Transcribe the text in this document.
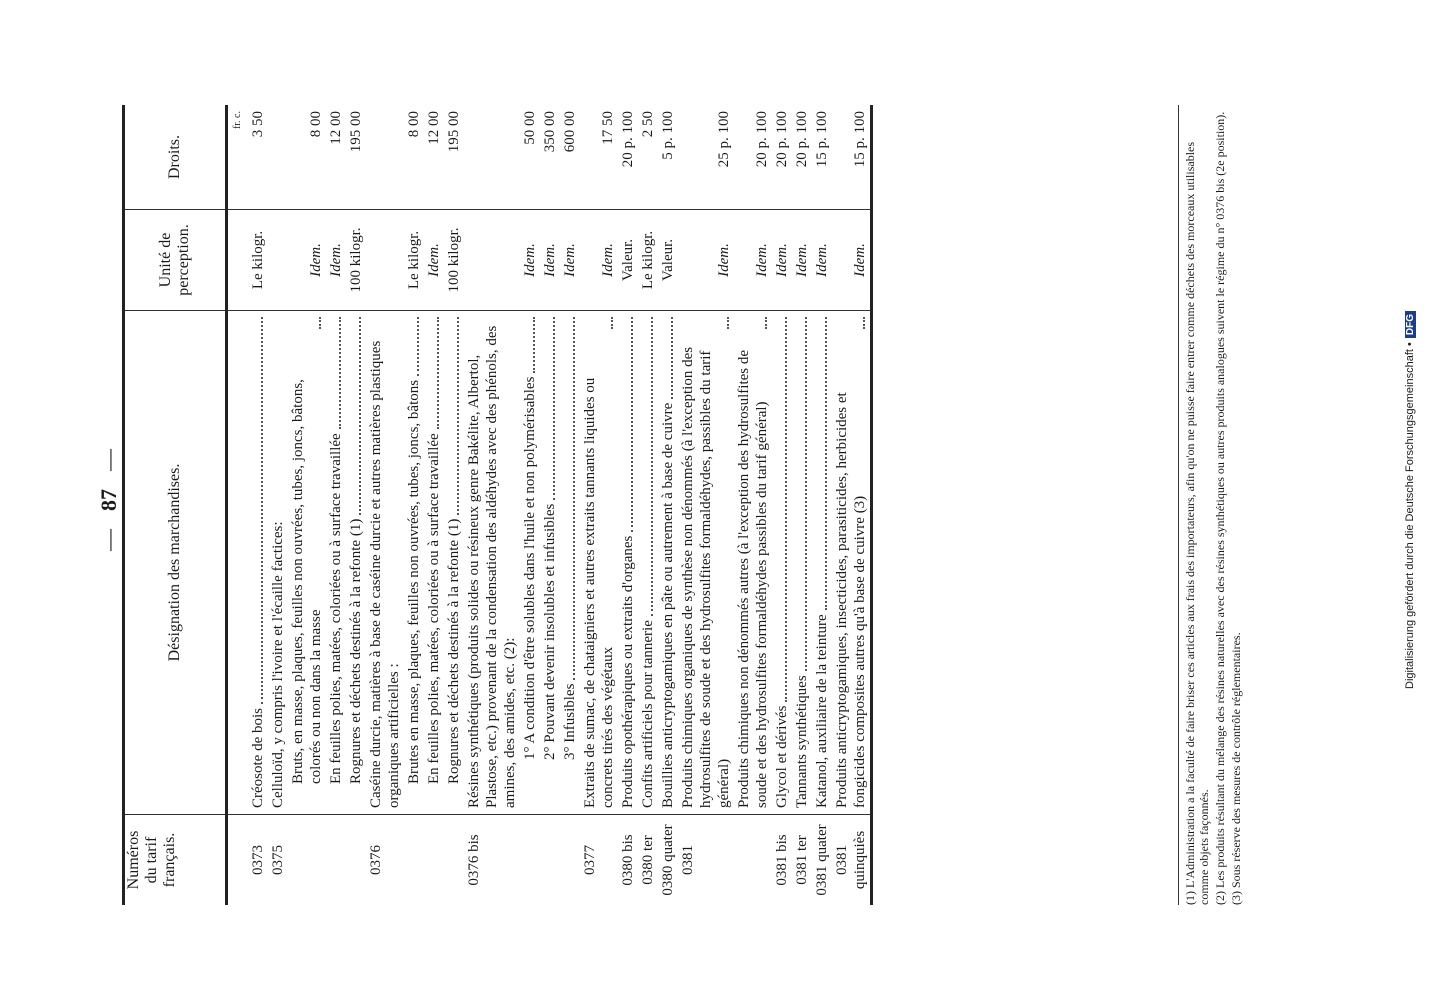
—87—
Numéros du tarif français.	Désignation des marchandises.	Unité de perception.	Droits.
			fr. c.
0373	Créosote de bois	Le kilogr.	3 50
0375	Celluloïd, y compris l'ivoire et l'écaille factices:		

	Bruts, en masse, plaques, feuilles non ouvrées, tubes, joncs, bâtons, colorés ou non dans la masse	Idem.	8 00

	En feuilles polies, matées, coloriées ou à surface travaillée	Idem.	12 00

	Rognures et déchets destinés à la refonte (1)	100 kilogr.	195 00
0376	Caséine durcie, matières à base de caséine durcie et autres matières plastiques organiques artificielles :		

	Brutes en masse, plaques, feuilles non ouvrées, tubes, joncs, bâtons	Le kilogr.	8 00

	En feuilles polies, matées, coloriées ou à surface travaillée	Idem.	12 00

	Rognures et déchets destinés à la refonte (1)	100 kilogr.	195 00
0376 bis	Résines synthétiques (produits solides ou résineux genre Bakélite, Albertol, Plastose, etc.) provenant de la condensation des aldéhydes avec des phénols, des amines, des amides, etc. (2):		

	1° A condition d'être solubles dans l'huile et non polymérisables	Idem.	50 00

	2° Pouvant devenir insolubles et infusibles	Idem.	350 00

	3° Infusibles	Idem.	600 00
0377	Extraits de sumac, de chataigniers et autres extraits tannants liquides ou concrets tirés des végétaux	Idem.	17 50
0380 bis	Produits opothérapiques ou extraits d'organes	Valeur.	20 p. 100
0380 ter	Confits artificiels pour tannerie	Le kilogr.	2 50
0380 quater	Bouillies anticryptogamiques en pâte ou autrement à base de cuivre	Valeur.	5 p. 100
0381	Produits chimiques organiques de synthèse non dénommés (à l'exception des hydrosulfites de soude et des hydrosulfites formaldéhydes, passibles du tarif général)	Idem.	25 p. 100

	Produits chimiques non dénommés autres (à l'exception des hydrosulfites de soude et des hydrosulfites formaldéhydes passibles du tarif général)	Idem.	20 p. 100
0381 bis	Glycol et dérivés	Idem.	20 p. 100
0381 ter	Tannants synthétiques	Idem.	20 p. 100
0381 quater	Katanol, auxiliaire de la teinture	Idem.	15 p. 100
0381 quinquiès	Produits anticryptogamiques, insecticides, parasiticides, herbicides et fongicides composites autres qu'à base de cuivre (3)	Idem.	15 p. 100

(1) L'Administration a la faculté de faire briser ces articles aux frais des importateurs, afin qu'on ne puisse faire entrer comme déchets des morceaux utilisables comme objets façonnés. (2) Les produits résultant du mélange des résines naturelles avec des résines synthétiques ou autres produits analogues suivent le régime du n° 0376 bis (2e position). (3) Sous réserve des mesures de contrôle réglementaires.

Digitalisierung gefördert durch die Deutsche Forschungsgemeinschaft •DFG
